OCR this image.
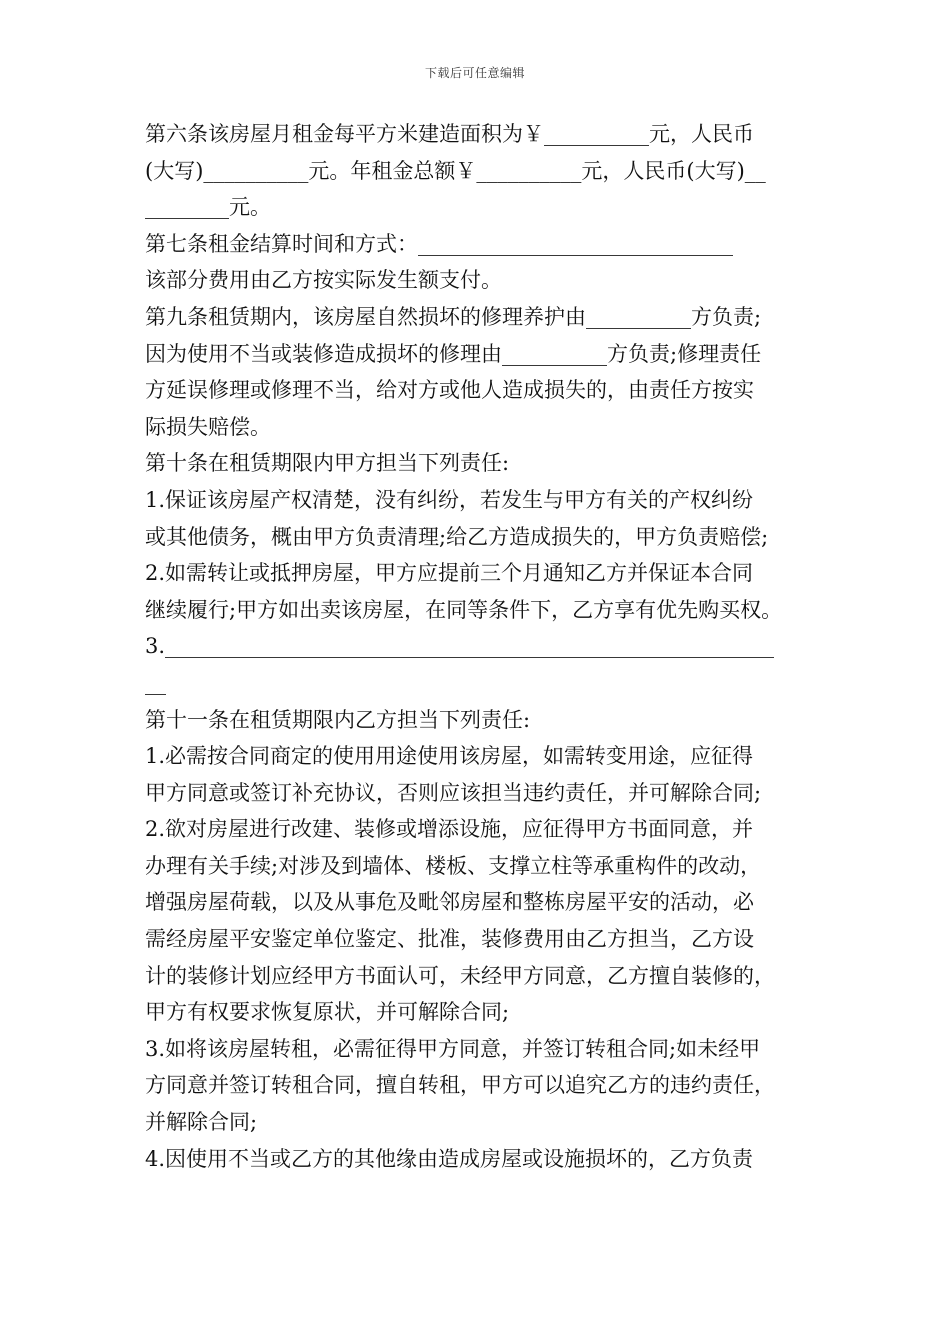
下载后可任意编辑
第六条该房屋月租金每平方米建造面积为￥__________元，人民币
(大写)__________元。年租金总额￥__________元，人民币(大写)__
________元。
第七条租金结算时间和方式：______________________________
该部分费用由乙方按实际发生额支付。
第九条租赁期内，该房屋自然损坏的修理养护由__________方负责;
因为使用不当或装修造成损坏的修理由__________方负责;修理责任
方延误修理或修理不当，给对方或他人造成损失的，由责任方按实
际损失赔偿。
第十条在租赁期限内甲方担当下列责任:
1.保证该房屋产权清楚，没有纠纷，若发生与甲方有关的产权纠纷
或其他债务，概由甲方负责清理;给乙方造成损失的，甲方负责赔偿;
2.如需转让或抵押房屋，甲方应提前三个月通知乙方并保证本合同
继续履行;甲方如出卖该房屋，在同等条件下，乙方享有优先购买权。
3.__________________________________________________________
__
第十一条在租赁期限内乙方担当下列责任:
1.必需按合同商定的使用用途使用该房屋，如需转变用途，应征得
甲方同意或签订补充协议，否则应该担当违约责任，并可解除合同;
2.欲对房屋进行改建、装修或增添设施，应征得甲方书面同意，并
办理有关手续;对涉及到墙体、楼板、支撑立柱等承重构件的改动，
增强房屋荷载，以及从事危及毗邻房屋和整栋房屋平安的活动，必
需经房屋平安鉴定单位鉴定、批准，装修费用由乙方担当，乙方设
计的装修计划应经甲方书面认可，未经甲方同意，乙方擅自装修的，
甲方有权要求恢复原状，并可解除合同;
3.如将该房屋转租，必需征得甲方同意，并签订转租合同;如未经甲
方同意并签订转租合同，擅自转租，甲方可以追究乙方的违约责任，
并解除合同;
4.因使用不当或乙方的其他缘由造成房屋或设施损坏的，乙方负责
